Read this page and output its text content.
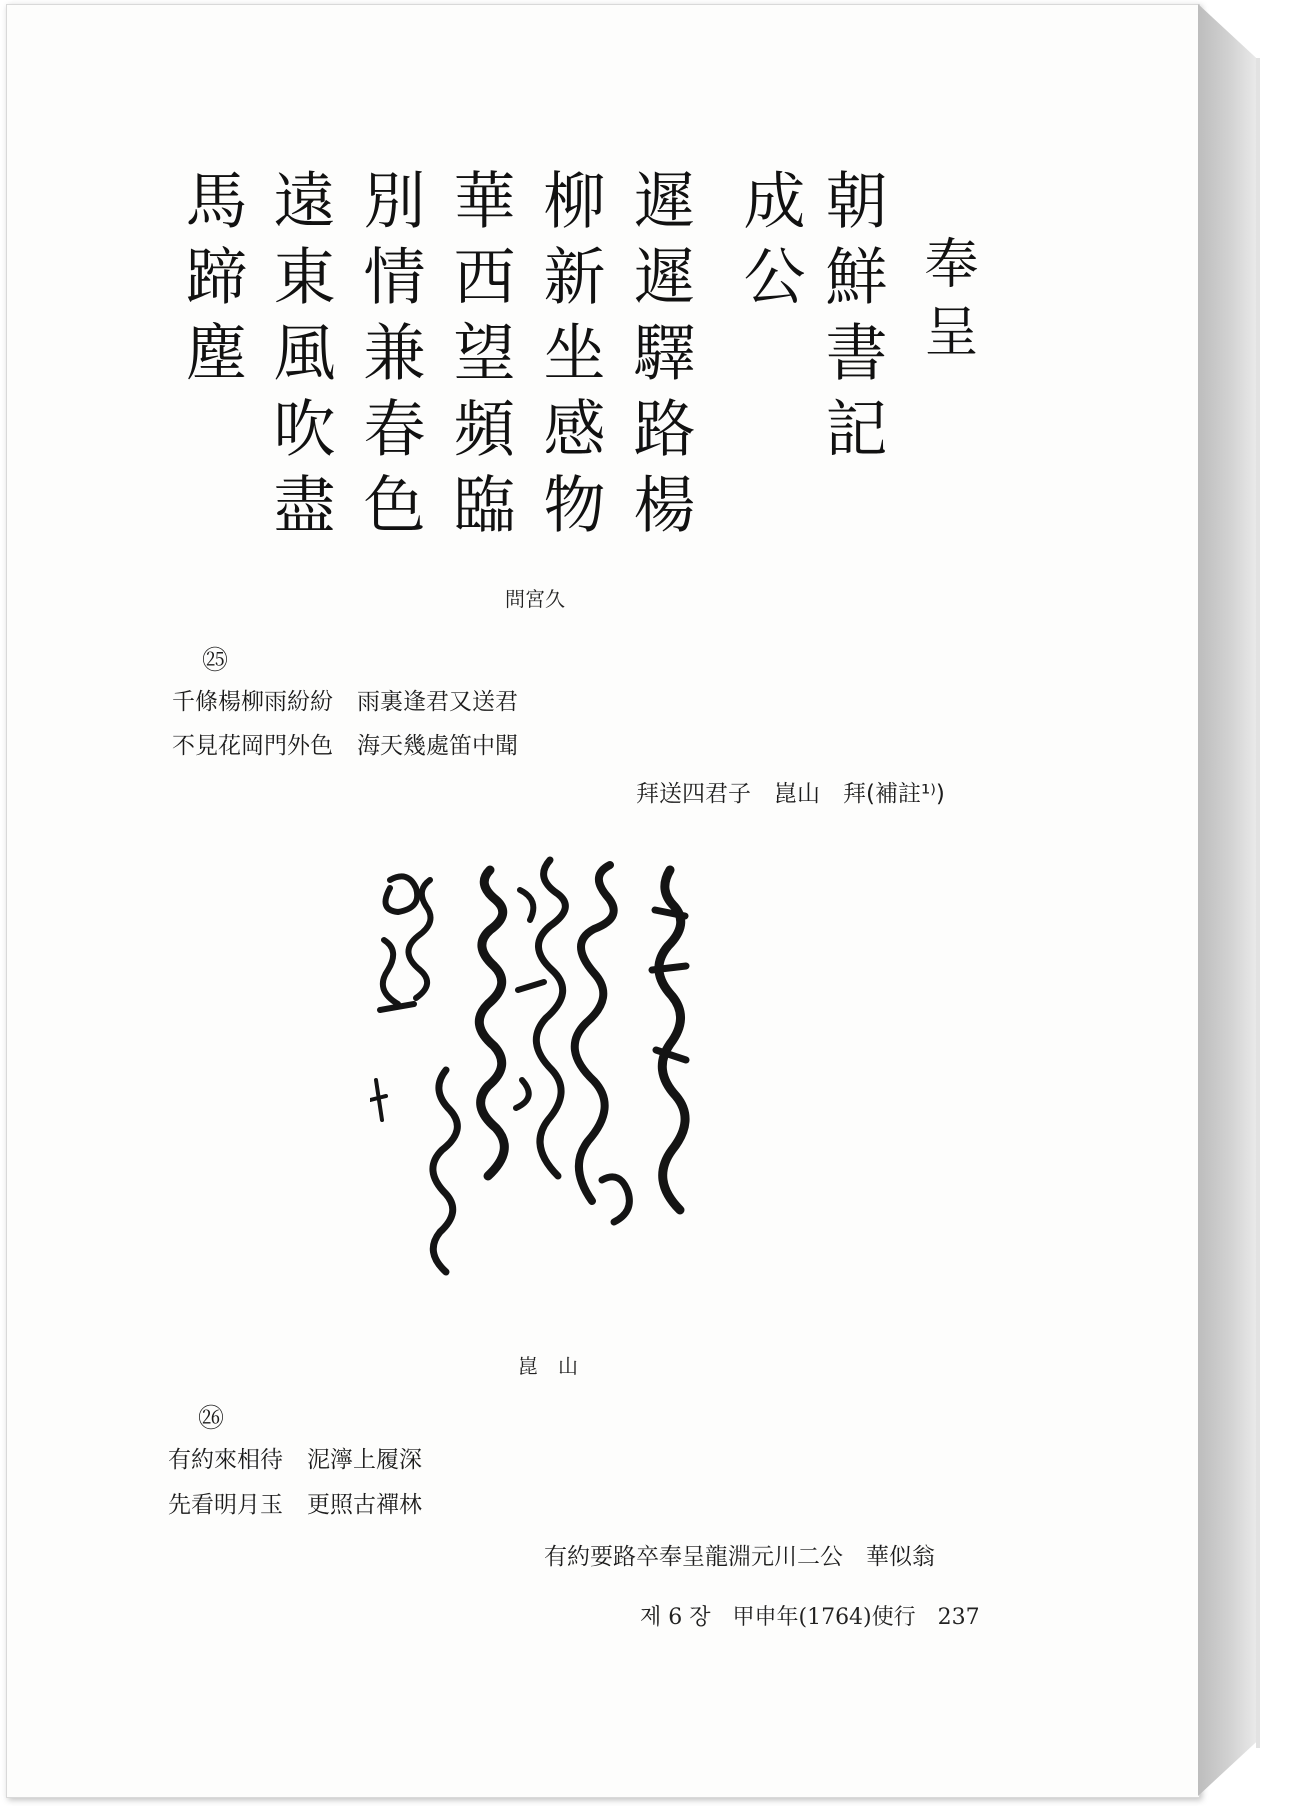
奉呈
朝鮮書記
成公
遲遲驛路楊
柳新坐感物
華西望頻臨
別情兼春色
遠東風吹盡
馬蹄塵
問宮久
㉕
千條楊柳雨紛紛 雨裏逢君又送君
不見花岡門外色 海天幾處笛中聞
拜送四君子　崑山　拜(補註¹⁾)
崑　山
㉖
有約來相待 泥濘上履深
先看明月玉 更照古禪林
有約要路卒奉呈龍淵元川二公　華似翁
제 6 장　甲申年(1764)使行　237
